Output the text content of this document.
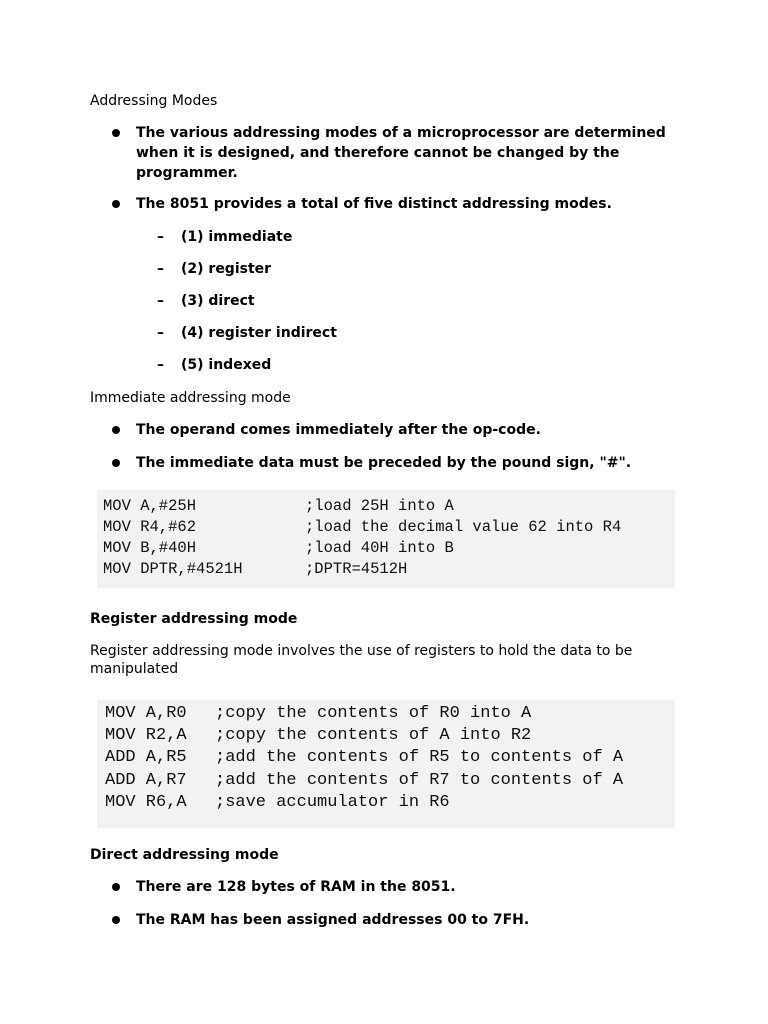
Addressing Modes
The various addressing modes of a microprocessor are determined when it is designed, and therefore cannot be changed by the programmer.
The 8051 provides a total of five distinct addressing modes.
– (1) immediate
– (2) register
– (3) direct
– (4) register indirect
– (5) indexed
Immediate addressing mode
The operand comes immediately after the op-code.
The immediate data must be preceded by the pound sign, "#".

MOV A,#25H	;load 25H into A
MOV R4,#62	;load the decimal value 62 into R4
MOV B,#40H	;load 40H into B
MOV DPTR,#4521H	;DPTR=4512H
Register addressing mode
Register addressing mode involves the use of registers to hold the data to be manipulated
MOV A,R0 ;copy the contents of R0 into A
MOV R2,A ;copy the contents of A into R2
ADD A,R5 ;add the contents of R5 to contents of A
ADD A,R7 ;add the contents of R7 to contents of A
MOV R6,A ;save accumulator in R6
Direct addressing mode
There are 128 bytes of RAM in the 8051.
The RAM has been assigned addresses 00 to 7FH.
